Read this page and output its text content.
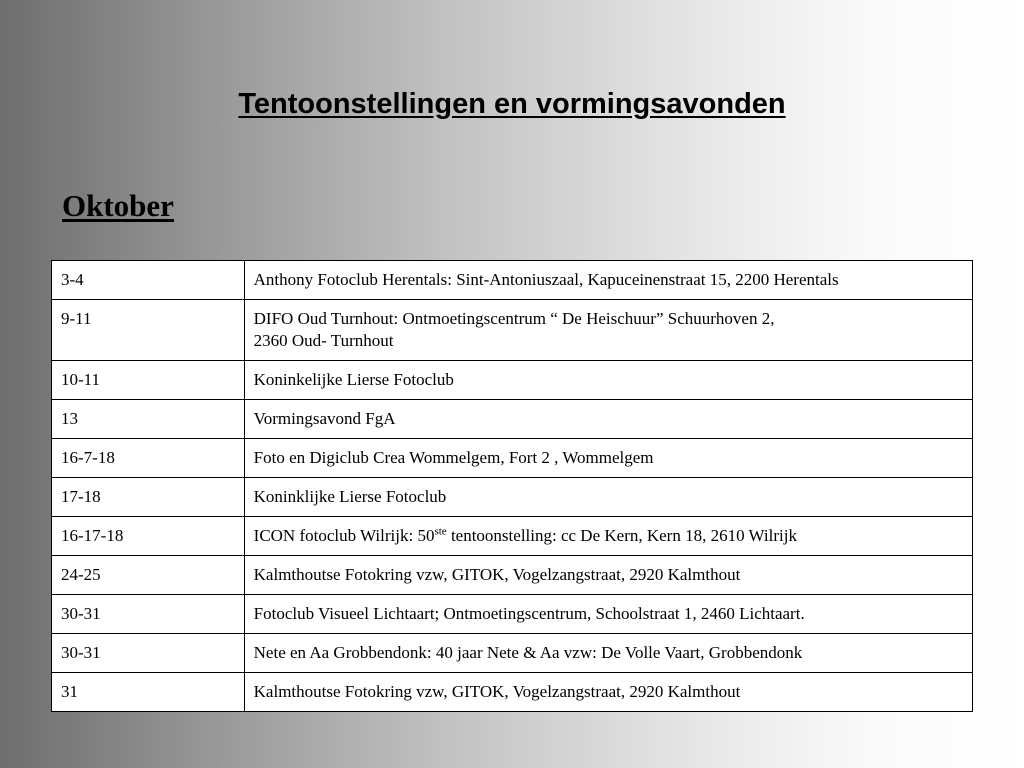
Tentoonstellingen en vormingsavonden
Oktober
3-4	Anthony Fotoclub Herentals: Sint-Antoniuszaal, Kapuceinenstraat 15, 2200 Herentals
9-11	DIFO Oud Turnhout: Ontmoetingscentrum “ De Heischuur” Schuurhoven 2,
2360 Oud- Turnhout

10-11	Koninkelijke Lierse Fotoclub
13	Vormingsavond FgA
16-7-18	Foto en Digiclub Crea Wommelgem, Fort 2 , Wommelgem
17-18	Koninklijke Lierse Fotoclub
16-17-18	ICON fotoclub Wilrijk: 50ste tentoonstelling: cc De Kern, Kern 18, 2610 Wilrijk
24-25	Kalmthoutse Fotokring vzw, GITOK, Vogelzangstraat, 2920 Kalmthout
30-31	Fotoclub Visueel Lichtaart; Ontmoetingscentrum, Schoolstraat 1, 2460 Lichtaart.
30-31	Nete en Aa Grobbendonk: 40 jaar Nete & Aa vzw: De Volle Vaart, Grobbendonk
31	Kalmthoutse Fotokring vzw, GITOK, Vogelzangstraat, 2920 Kalmthout
